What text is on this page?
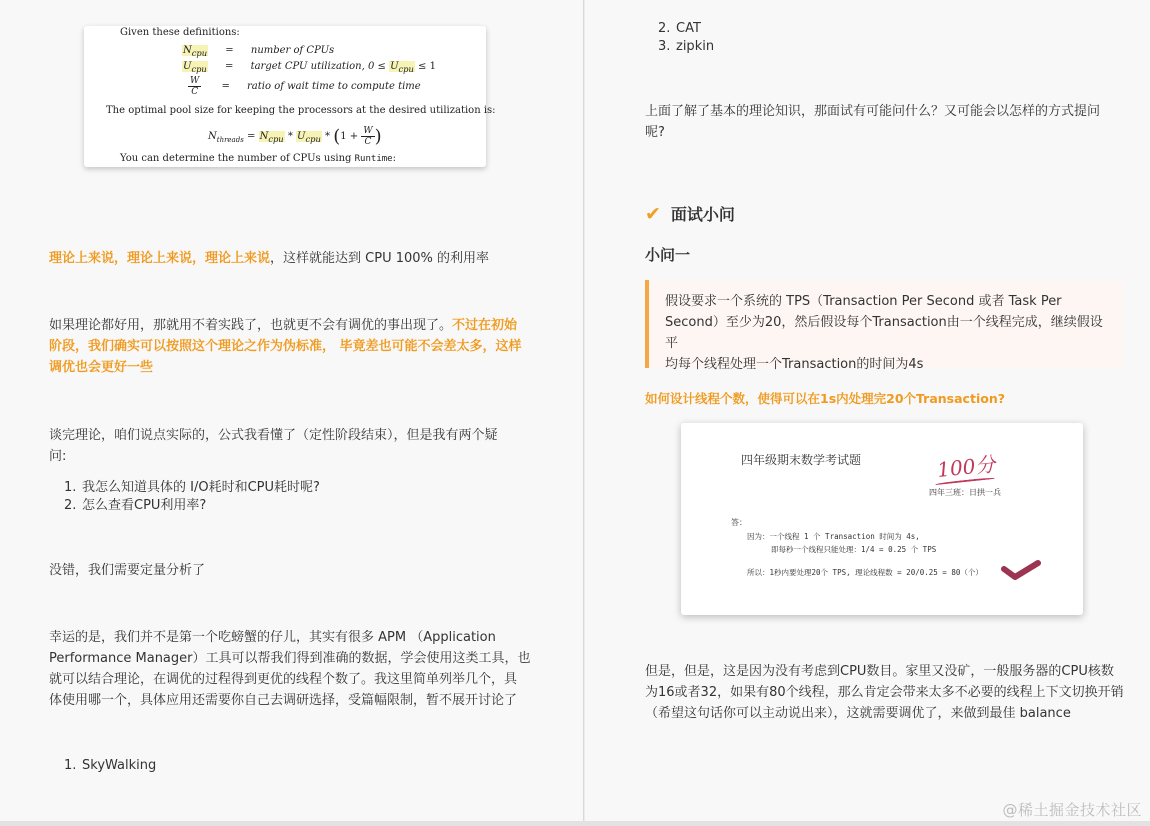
Given these definitions:
$N_{cpu}$ = number of CPUs
$U_{cpu}$ = target CPU utilization, $0 \le U_{cpu} \le 1$
$\frac{W}{C}$ = ratio of wait time to compute time
The optimal pool size for keeping the processors at the desired utilization is:
$N_{threads} = N_{cpu} * U_{cpu} * (1 + \frac{W}{C}$ )
You can determine the number of CPUs using Runtime:
理论上来说，理论上来说，理论上来说，这样就能达到 CPU 100% 的利用率
如果理论都好用，那就用不着实践了，也就更不会有调优的事出现了。不过在初始
阶段，我们确实可以按照这个理论之作为伪标准， 毕竟差也可能不会差太多，这样
调优也会更好一些
谈完理论，咱们说点实际的，公式我看懂了（定性阶段结束），但是我有两个疑
问:
1. 我怎么知道具体的 I/O耗时和CPU耗时呢?
2. 怎么查看CPU利用率?
没错，我们需要定量分析了
幸运的是，我们并不是第一个吃螃蟹的仔儿，其实有很多 APM （Application
Performance Manager）工具可以帮我们得到准确的数据，学会使用这类工具，也
就可以结合理论，在调优的过程得到更优的线程个数了。我这里简单列举几个，具
体使用哪一个，具体应用还需要你自己去调研选择，受篇幅限制，暂不展开讨论了
1. SkyWalking
2. CAT
3. zipkin
上面了解了基本的理论知识，那面试有可能问什么？又可能会以怎样的方式提问
呢?
✔ 面试小问
小问一
假设要求一个系统的 TPS（Transaction Per Second 或者 Task Per
Second）至少为20，然后假设每个Transaction由一个线程完成，继续假设平
均每个线程处理一个Transaction的时间为4s
如何设计线程个数，使得可以在1s内处理完20个Transaction?
四年级期末数学考试题	100分
四年三班：日拱一兵
答：
因为：一个线程 1 个 Transaction 时间为 4s,
即每秒一个线程只能处理：1/4 = 0.25 个 TPS
所以：1秒内要处理20个 TPS, 理论线程数 = 20/0.25 = 80（个）
但是，但是，这是因为没有考虑到CPU数目。家里又没矿，一般服务器的CPU核数
为16或者32，如果有80个线程，那么肯定会带来太多不必要的线程上下文切换开销
（希望这句话你可以主动说出来），这就需要调优了，来做到最佳 balance
@稀土掘金技术社区
